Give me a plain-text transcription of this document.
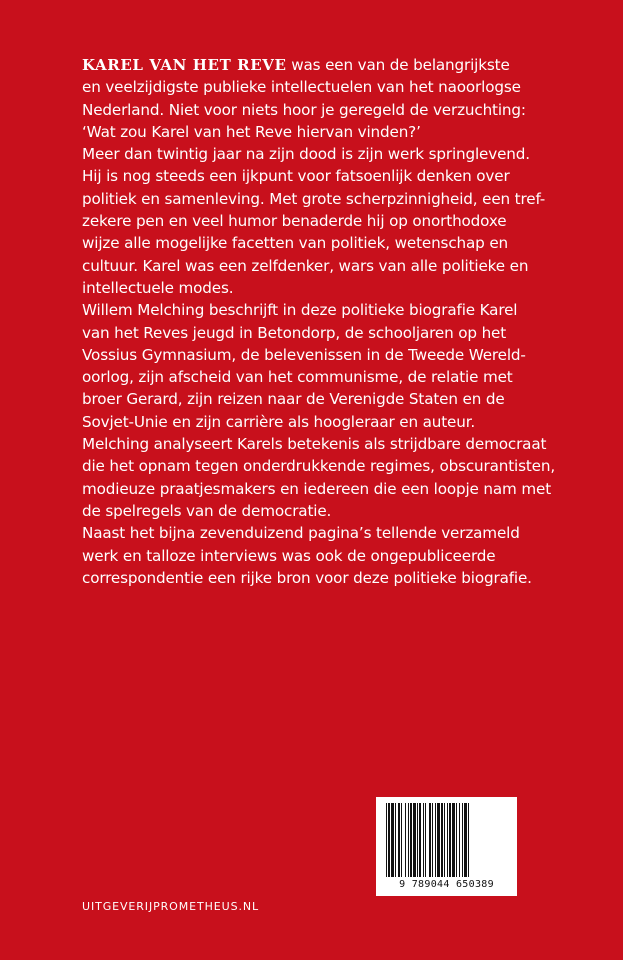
KAREL VAN HET REVE was een van de belangrijkste
en veelzijdigste publieke intellectuelen van het naoorlogse
Nederland. Niet voor niets hoor je geregeld de verzuchting:
‘Wat zou Karel van het Reve hiervan vinden?’
Meer dan twintig jaar na zijn dood is zijn werk springlevend.
Hij is nog steeds een ijkpunt voor fatsoenlijk denken over
politiek en samenleving. Met grote scherpzinnigheid, een tref-
zekere pen en veel humor benaderde hij op onorthodoxe
wijze alle mogelijke facetten van politiek, wetenschap en
cultuur. Karel was een zelfdenker, wars van alle politieke en
intellectuele modes.
Willem Melching beschrijft in deze politieke biografie Karel
van het Reves jeugd in Betondorp, de schooljaren op het
Vossius Gymnasium, de belevenissen in de Tweede Wereld-
oorlog, zijn afscheid van het communisme, de relatie met
broer Gerard, zijn reizen naar de Verenigde Staten en de
Sovjet-Unie en zijn carrière als hoogleraar en auteur.
Melching analyseert Karels betekenis als strijdbare democraat
die het opnam tegen onderdrukkende regimes, obscurantisten,
modieuze praatjesmakers en iedereen die een loopje nam met
de spelregels van de democratie.
Naast het bijna zevenduizend pagina’s tellende verzameld
werk en talloze interviews was ook de ongepubliceerde
correspondentie een rijke bron voor deze politieke biografie.
9 789044 650389
UITGEVERIJPROMETHEUS.NL
